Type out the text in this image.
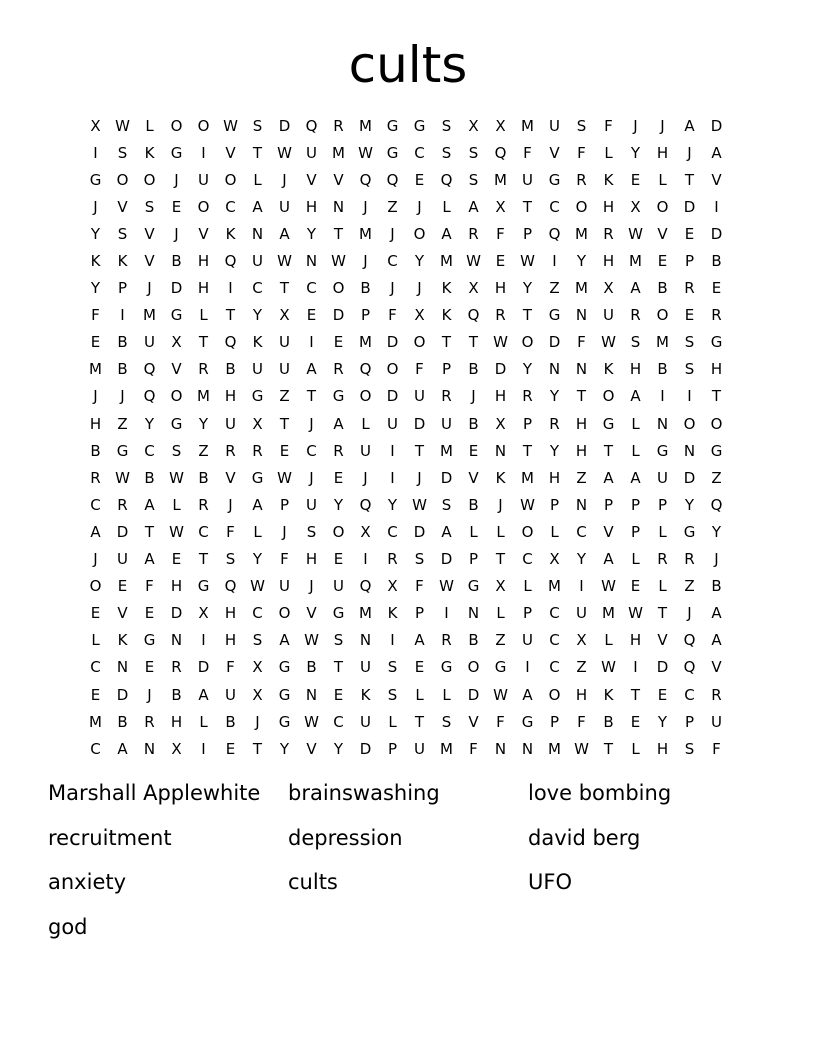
cults
X W	L	O	O W S	D	Q	R	M G	G	S	X	X	M	U	S	F	J	J	A	D
I	S	K	G	I	V	T	W U	M W G	C	S	S	Q	F	V	F	L	Y	H	J	A
G	O	O	J	U	O	L	J	V	V	Q	Q	E	Q	S	M	U	G	R	K	E	L	T	V
J	V	S	E	O	C	A	U	H	N	J	Z	J	L	A	X	T	C	O	H	X	O	D	I
Y	S	V	J	V	K	N	A	Y	T	M	J	O	A	R	F	P	Q M	R W V	E	D
K	K	V	B	H	Q	U W N W	J	C	Y	M W E W	I	Y	H M	E	P	B
Y	P	J	D	H	I	C	T	C	O	B	J	J	K	X	H	Y	Z	M	X	A	B	R	E
F	I	M G	L	T	Y	X	E	D	P	F	X	K	Q	R	T	G	N	U	R	O	E	R
E	B	U	X	T	Q	K	U	I	E	M D	O	T	T	W O	D	F	W S	M	S	G
M	B	Q	V	R	B	U	U	A	R	Q	O	F	P	B	D	Y	N	N	K	H	B	S	H
J	J	Q	O M H	G	Z	T	G	O	D	U	R	J	H	R	Y	T	O	A	I	I	T
H	Z	Y	G	Y	U	X	T	J	A	L	U	D	U	B	X	P	R	H	G	L	N	O	O
B	G	C	S	Z	R	R	E	C	R	U	I	T	M	E	N	T	Y	H	T	L	G	N	G
R W B W B	V	G W	J	E	J	I	J	D	V	K	M H	Z	A	A	U	D	Z
C	R	A	L	R	J	A	P	U	Y	Q	Y	W S	B	J	W	P	N	P	P	P	Y	Q
A	D	T	W C	F	L	J	S	O	X	C	D	A	L	L	O	L	C	V	P	L	G	Y
J	U	A	E	T	S	Y	F	H	E	I	R	S	D	P	T	C	X	Y	A	L	R	R	J
O	E	F	H	G	Q W U	J	U	Q	X	F	W G	X	L	M	I	W E	L	Z	B
E	V	E	D	X	H	C	O	V	G M	K	P	I	N	L	P	C	U	M W T	J	A
L	K	G	N	I	H	S	A W S	N	I	A	R	B	Z	U	C	X	L	H	V	Q	A
C	N	E	R	D	F	X	G	B	T	U	S	E	G	O	G	I	C	Z W	I	D	Q	V
E	D	J	B	A	U	X	G	N	E	K	S	L	L	D W A	O	H	K	T	E	C	R
M	B	R	H	L	B	J	G W C	U	L	T	S	V	F	G	P	F	B	E	Y	P	U
C	A	N	X	I	E	T	Y	V	Y	D	P	U	M	F	N	N M W T	L	H	S	F
Marshall Applewhite	brainswashing	love bombing
recruitment	depression	david berg
anxiety	cults	UFO
god
